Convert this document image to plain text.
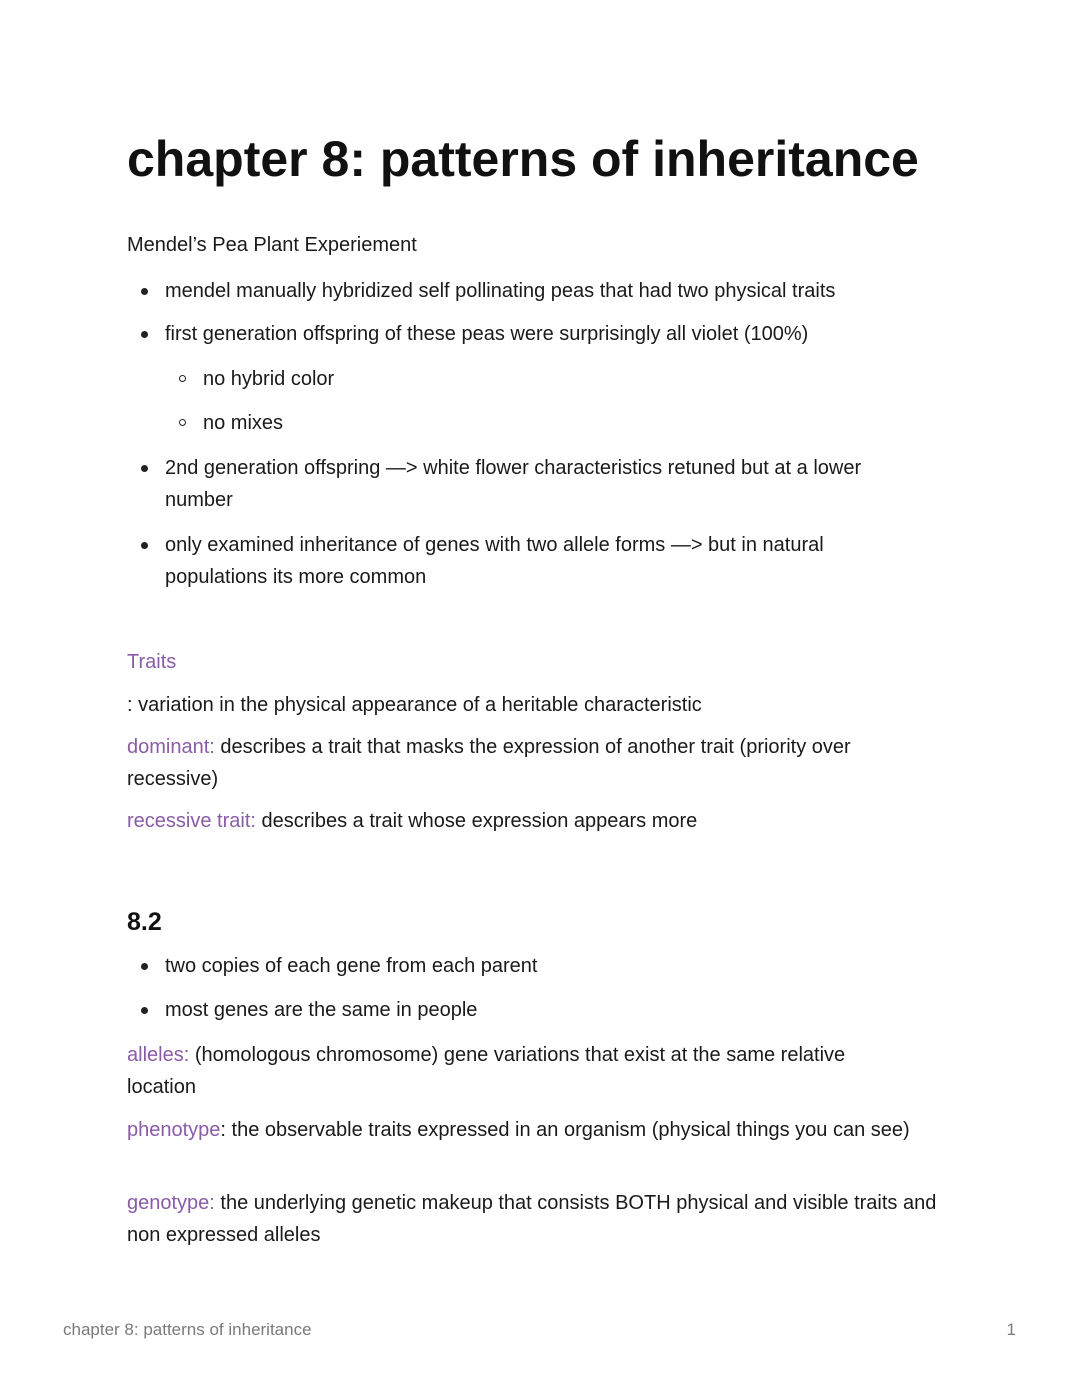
chapter 8: patterns of inheritance

Mendel’s Pea Plant Experiement

mendel manually hybridized self pollinating peas that had two physical traits
first generation offspring of these peas were surprisingly all violet (100%)
no hybrid color
no mixes
2nd generation offspring —> white flower characteristics retuned but at a lower number
only examined inheritance of genes with two allele forms —> but in natural populations its more common

Traits

: variation in the physical appearance of a heritable characteristic

dominant: describes a trait that masks the expression of another trait (priority over recessive)

recessive trait: describes a trait whose expression appears more

8.2
two copies of each gene from each parent
most genes are the same in people

alleles: (homologous chromosome) gene variations that exist at the same relative location

phenotype: the observable traits expressed in an organism (physical things you can see)

genotype: the underlying genetic makeup that consists BOTH physical and visible traits and non expressed alleles

chapter 8: patterns of inheritance	1
